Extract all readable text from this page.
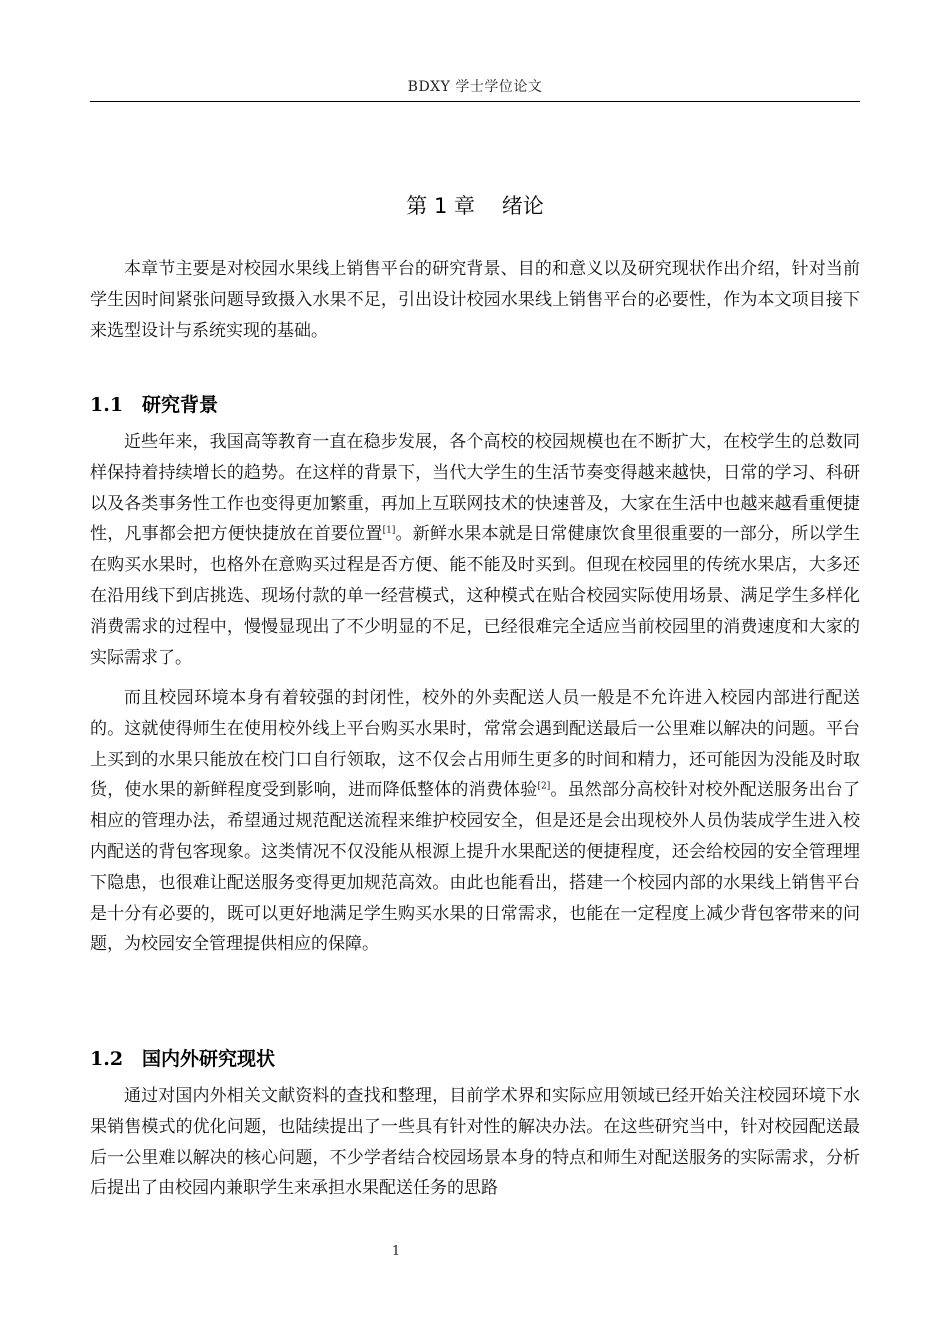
BDXY 学士学位论文
第 1 章    绪论

本章节主要是对校园水果线上销售平台的研究背景、目的和意义以及研究现状作出介绍，针对当前学生因时间紧张问题导致摄入水果不足，引出设计校园水果线上销售平台的必要性，作为本文项目接下来选型设计与系统实现的基础。

1.1 研究背景

近些年来，我国高等教育一直在稳步发展，各个高校的校园规模也在不断扩大，在校学生的总数同样保持着持续增长的趋势。在这样的背景下，当代大学生的生活节奏变得越来越快，日常的学习、科研以及各类事务性工作也变得更加繁重，再加上互联网技术的快速普及，大家在生活中也越来越看重便捷性，凡事都会把方便快捷放在首要位置[1]。新鲜水果本就是日常健康饮食里很重要的一部分，所以学生在购买水果时，也格外在意购买过程是否方便、能不能及时买到。但现在校园里的传统水果店，大多还在沿用线下到店挑选、现场付款的单一经营模式，这种模式在贴合校园实际使用场景、满足学生多样化消费需求的过程中，慢慢显现出了不少明显的不足，已经很难完全适应当前校园里的消费速度和大家的实际需求了。

而且校园环境本身有着较强的封闭性，校外的外卖配送人员一般是不允许进入校园内部进行配送的。这就使得师生在使用校外线上平台购买水果时，常常会遇到配送最后一公里难以解决的问题。平台上买到的水果只能放在校门口自行领取，这不仅会占用师生更多的时间和精力，还可能因为没能及时取货，使水果的新鲜程度受到影响，进而降低整体的消费体验[2]。虽然部分高校针对校外配送服务出台了相应的管理办法，希望通过规范配送流程来维护校园安全，但是还是会出现校外人员伪装成学生进入校内配送的背包客现象。这类情况不仅没能从根源上提升水果配送的便捷程度，还会给校园的安全管理埋下隐患，也很难让配送服务变得更加规范高效。由此也能看出，搭建一个校园内部的水果线上销售平台是十分有必要的，既可以更好地满足学生购买水果的日常需求，也能在一定程度上减少背包客带来的问题，为校园安全管理提供相应的保障。

1.2 国内外研究现状

通过对国内外相关文献资料的查找和整理，目前学术界和实际应用领域已经开始关注校园环境下水果销售模式的优化问题，也陆续提出了一些具有针对性的解决办法。在这些研究当中，针对校园配送最后一公里难以解决的核心问题，不少学者结合校园场景本身的特点和师生对配送服务的实际需求，分析后提出了由校园内兼职学生来承担水果配送任务的思路

1
